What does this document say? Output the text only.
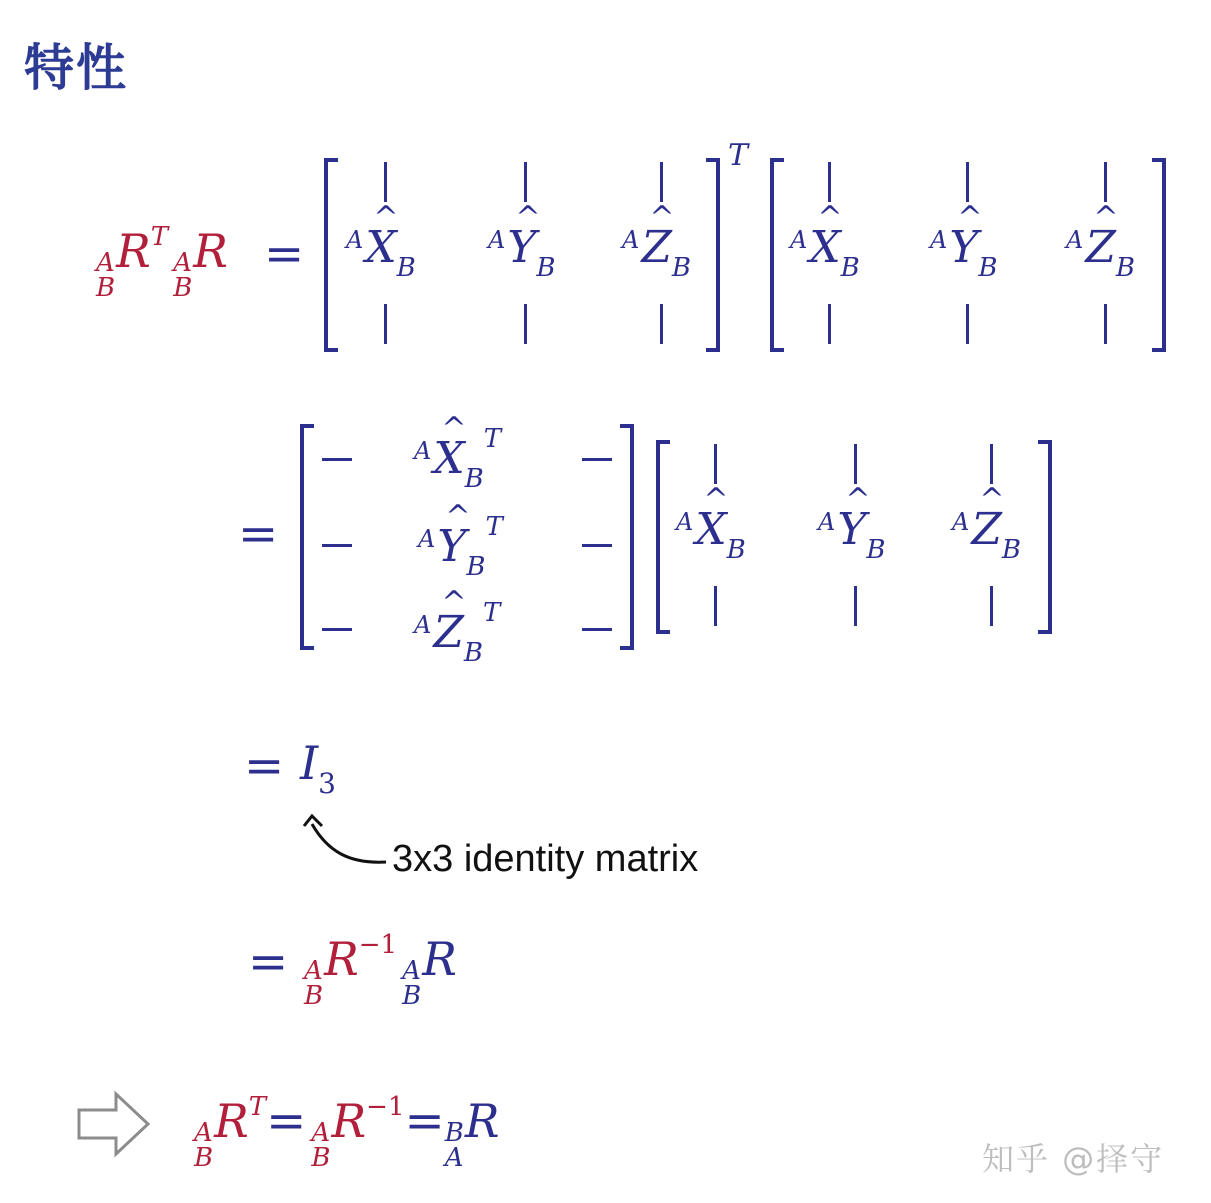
特性
A
B
RT
A
B
R =
T
$^A$^ $X_B$
$^A$^ $Y_B$
$^A$^ $Z_B$
$^A$^ $X_B$
$^A$^ $Y_B$
$^A$^ $Z_B$
=
$^A$^ $X_B^T$
$^A$^ $Y_B^T$
$^A$^ $Z_B^T$
$^A$^ $X_B$
$^A$^ $Y_B$
$^A$^ $Z_B$
= $I_3$
3x3 identity matrix
= A
B
R−1
A
B
R
A
B
RT= A
B
R−1= B
A
R
知乎 @择守
